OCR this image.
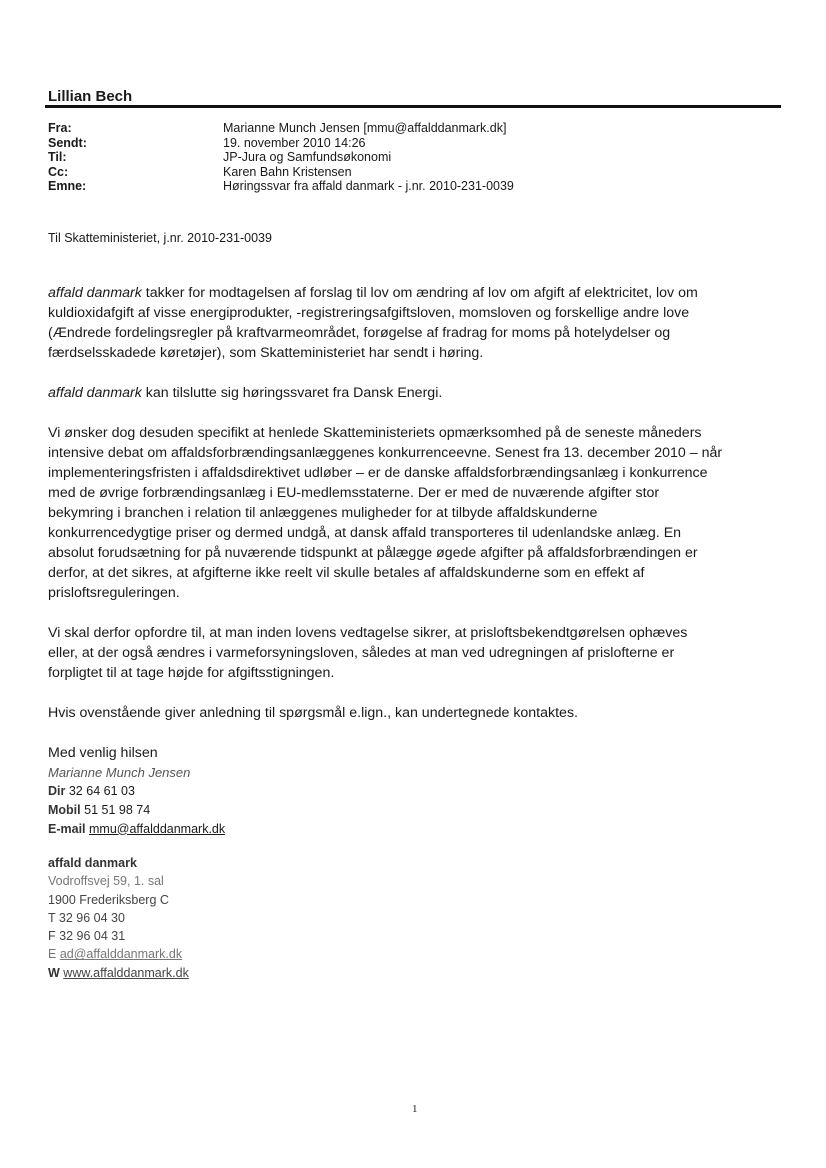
Lillian Bech
Fra:	Marianne Munch Jensen [mmu@affalddanmark.dk]
Sendt:	19. november 2010 14:26
Til:	JP-Jura og Samfundsøkonomi
Cc:	Karen Bahn Kristensen
Emne:	Høringssvar fra affald danmark - j.nr. 2010-231-0039
Til Skatteministeriet, j.nr. 2010-231-0039

affald danmark takker for modtagelsen af forslag til lov om ændring af lov om afgift af elektricitet, lov om
kuldioxidafgift af visse energiprodukter, -registreringsafgiftsloven, momsloven og forskellige andre love
(Ændrede fordelingsregler på kraftvarmeområdet, forøgelse af fradrag for moms på hotelydelser og
færdselsskadede køretøjer), som Skatteministeriet har sendt i høring.

affald danmark kan tilslutte sig høringssvaret fra Dansk Energi.

Vi ønsker dog desuden specifikt at henlede Skatteministeriets opmærksomhed på de seneste måneders
intensive debat om affaldsforbrændingsanlæggenes konkurrenceevne. Senest fra 13. december 2010 – når
implementeringsfristen i affaldsdirektivet udløber – er de danske affaldsforbrændingsanlæg i konkurrence
med de øvrige forbrændingsanlæg i EU-medlemsstaterne. Der er med de nuværende afgifter stor
bekymring i branchen i relation til anlæggenes muligheder for at tilbyde affaldskunderne
konkurrencedygtige priser og dermed undgå, at dansk affald transporteres til udenlandske anlæg. En
absolut forudsætning for på nuværende tidspunkt at pålægge øgede afgifter på affaldsforbrændingen er
derfor, at det sikres, at afgifterne ikke reelt vil skulle betales af affaldskunderne som en effekt af
prisloftsreguleringen.

Vi skal derfor opfordre til, at man inden lovens vedtagelse sikrer, at prisloftsbekendtgørelsen ophæves
eller, at der også ændres i varmeforsyningsloven, således at man ved udregningen af prislofterne er
forpligtet til at tage højde for afgiftsstigningen.

Hvis ovenstående giver anledning til spørgsmål e.lign., kan undertegnede kontaktes.

Med venlig hilsen
Marianne Munch Jensen
Dir 32 64 61 03
Mobil 51 51 98 74
E-mail mmu@affalddanmark.dk
affald danmark
Vodroffsvej 59, 1. sal
1900 Frederiksberg C
T 32 96 04 30
F 32 96 04 31
E ad@affalddanmark.dk
W www.affalddanmark.dk
1
